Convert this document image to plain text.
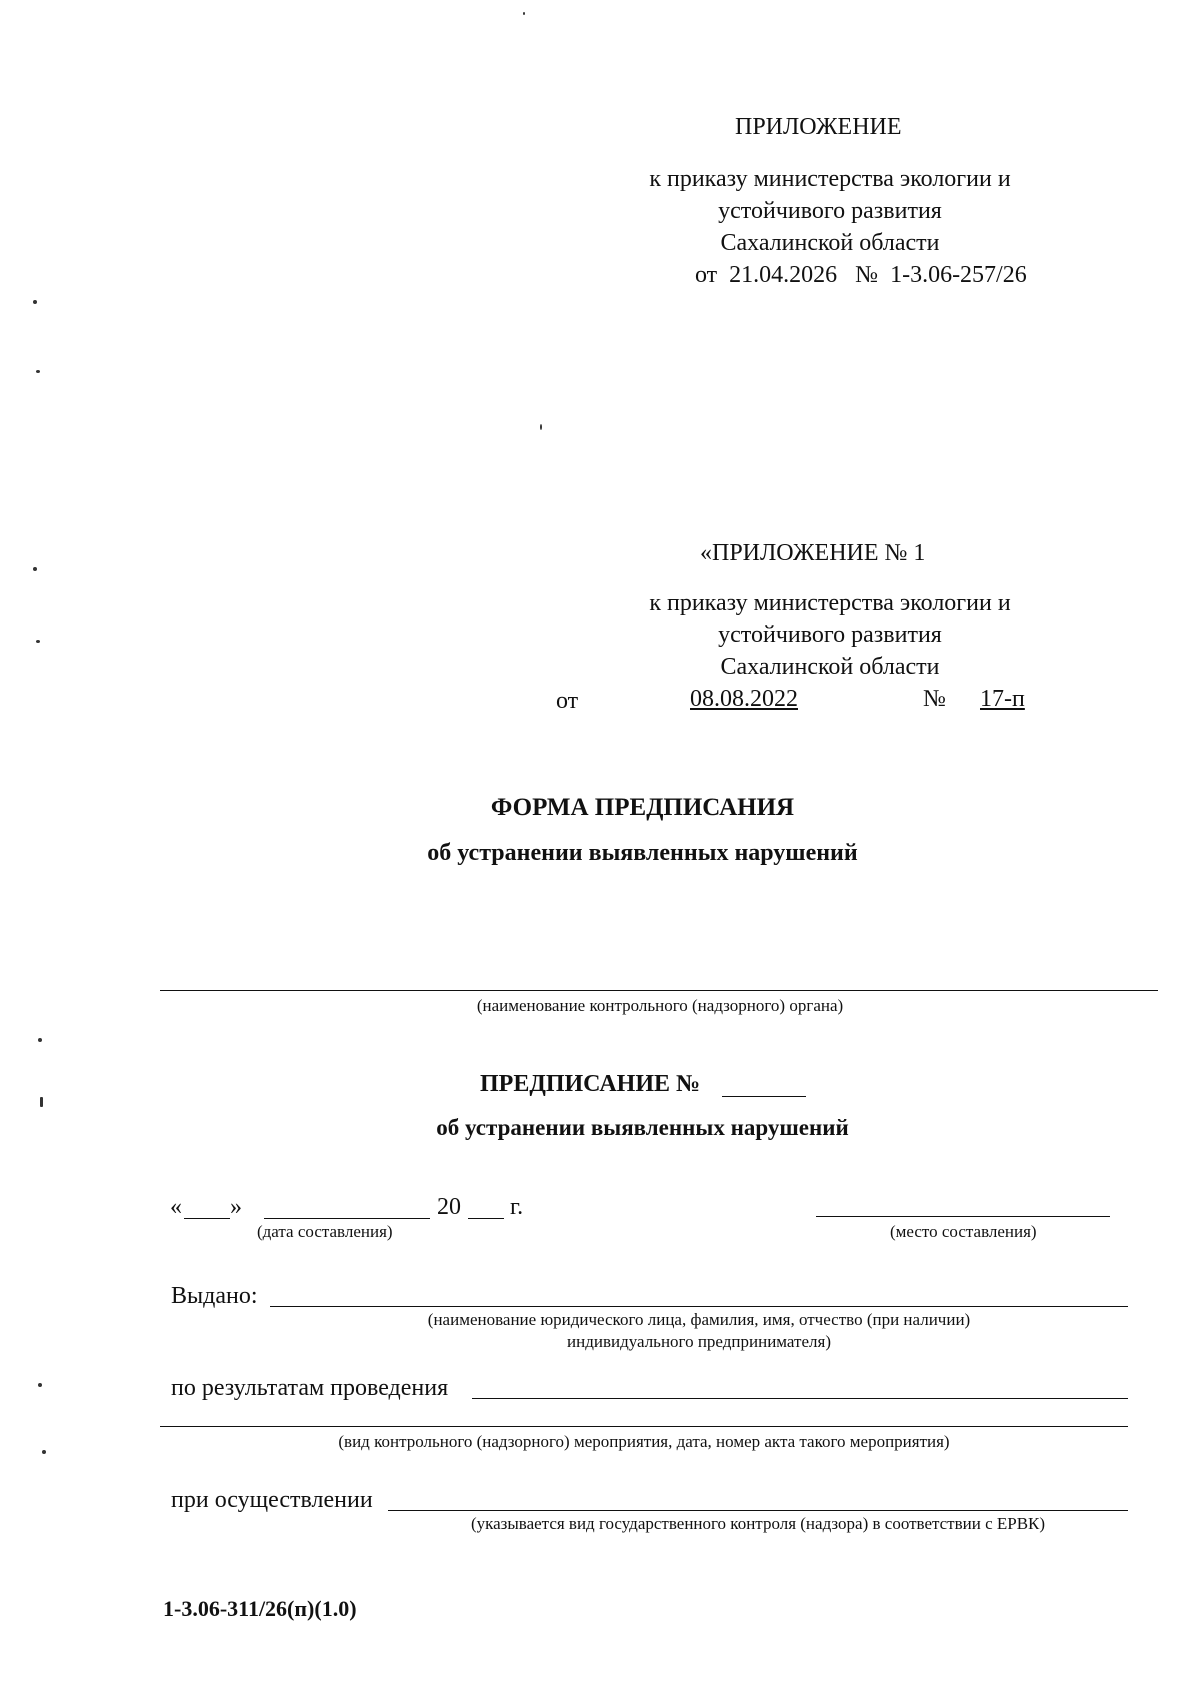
ПРИЛОЖЕНИЕ
к приказу министерства экологии и
устойчивого развития
Сахалинской области
от  21.04.2026   №  1-3.06-257/26
«ПРИЛОЖЕНИЕ № 1
к приказу министерства экологии и
устойчивого развития
Сахалинской области
от	08.08.2022	№ 17-п
ФОРМА ПРЕДПИСАНИЯ
об устранении выявленных нарушений
(наименование контрольного (надзорного) органа)
ПРЕДПИСАНИЕ №
об устранении выявленных нарушений
« »	20 г.
(дата составления)	(место составления)
Выдано:
(наименование юридического лица, фамилия, имя, отчество (при наличии)
индивидуального предпринимателя)
по результатам проведения
(вид контрольного (надзорного) мероприятия, дата, номер акта такого мероприятия)
при осуществлении
(указывается вид государственного контроля (надзора) в соответствии с ЕРВК)
1-3.06-311/26(п)(1.0)
